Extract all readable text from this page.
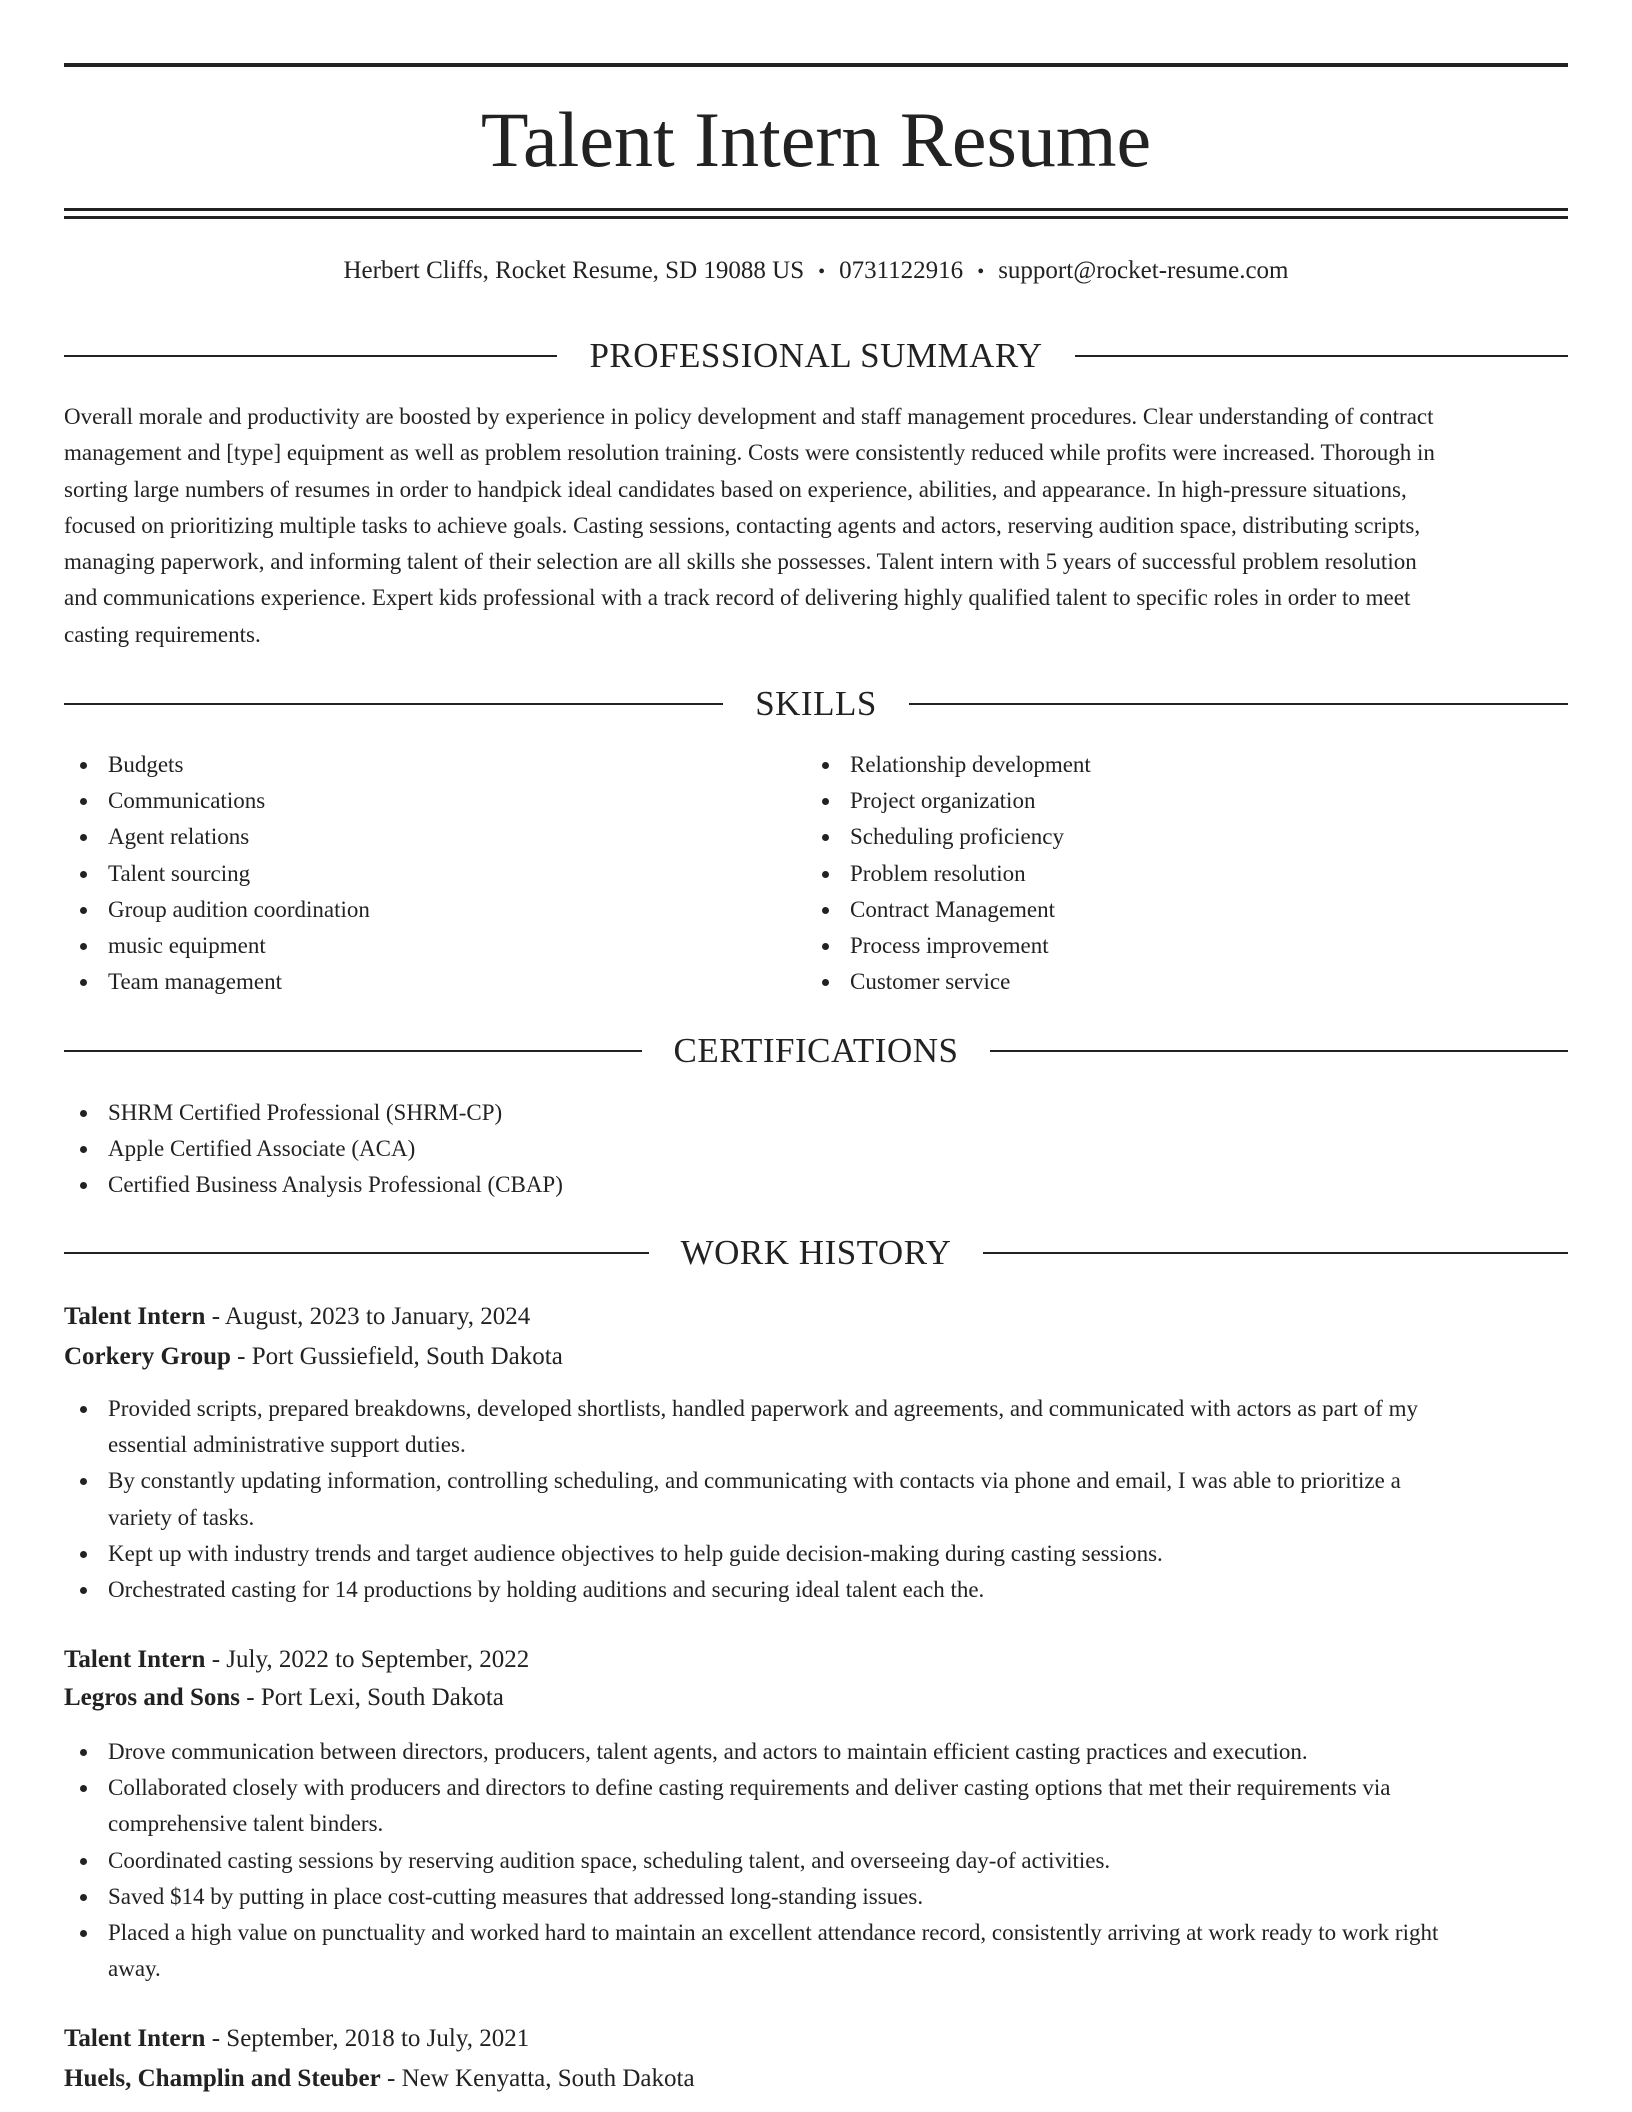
Talent Intern Resume
Herbert Cliffs, Rocket Resume, SD 19088 US • 0731122916 • support@rocket-resume.com
PROFESSIONAL SUMMARY
Overall morale and productivity are boosted by experience in policy development and staff management procedures. Clear understanding of contract
management and [type] equipment as well as problem resolution training. Costs were consistently reduced while profits were increased. Thorough in
sorting large numbers of resumes in order to handpick ideal candidates based on experience, abilities, and appearance. In high-pressure situations,
focused on prioritizing multiple tasks to achieve goals. Casting sessions, contacting agents and actors, reserving audition space, distributing scripts,
managing paperwork, and informing talent of their selection are all skills she possesses. Talent intern with 5 years of successful problem resolution
and communications experience. Expert kids professional with a track record of delivering highly qualified talent to specific roles in order to meet
casting requirements.
SKILLS
Budgets
Communications
Agent relations
Talent sourcing
Group audition coordination
music equipment
Team management
Relationship development
Project organization
Scheduling proficiency
Problem resolution
Contract Management
Process improvement
Customer service
CERTIFICATIONS
SHRM Certified Professional (SHRM-CP)
Apple Certified Associate (ACA)
Certified Business Analysis Professional (CBAP)
WORK HISTORY
Talent Intern - August, 2023 to January, 2024
Corkery Group - Port Gussiefield, South Dakota
Provided scripts, prepared breakdowns, developed shortlists, handled paperwork and agreements, and communicated with actors as part of my
essential administrative support duties.
By constantly updating information, controlling scheduling, and communicating with contacts via phone and email, I was able to prioritize a
variety of tasks.
Kept up with industry trends and target audience objectives to help guide decision-making during casting sessions.
Orchestrated casting for 14 productions by holding auditions and securing ideal talent each the.
Talent Intern - July, 2022 to September, 2022
Legros and Sons - Port Lexi, South Dakota
Drove communication between directors, producers, talent agents, and actors to maintain efficient casting practices and execution.
Collaborated closely with producers and directors to define casting requirements and deliver casting options that met their requirements via
comprehensive talent binders.
Coordinated casting sessions by reserving audition space, scheduling talent, and overseeing day-of activities.
Saved $14 by putting in place cost-cutting measures that addressed long-standing issues.
Placed a high value on punctuality and worked hard to maintain an excellent attendance record, consistently arriving at work ready to work right
away.
Talent Intern - September, 2018 to July, 2021
Huels, Champlin and Steuber - New Kenyatta, South Dakota
